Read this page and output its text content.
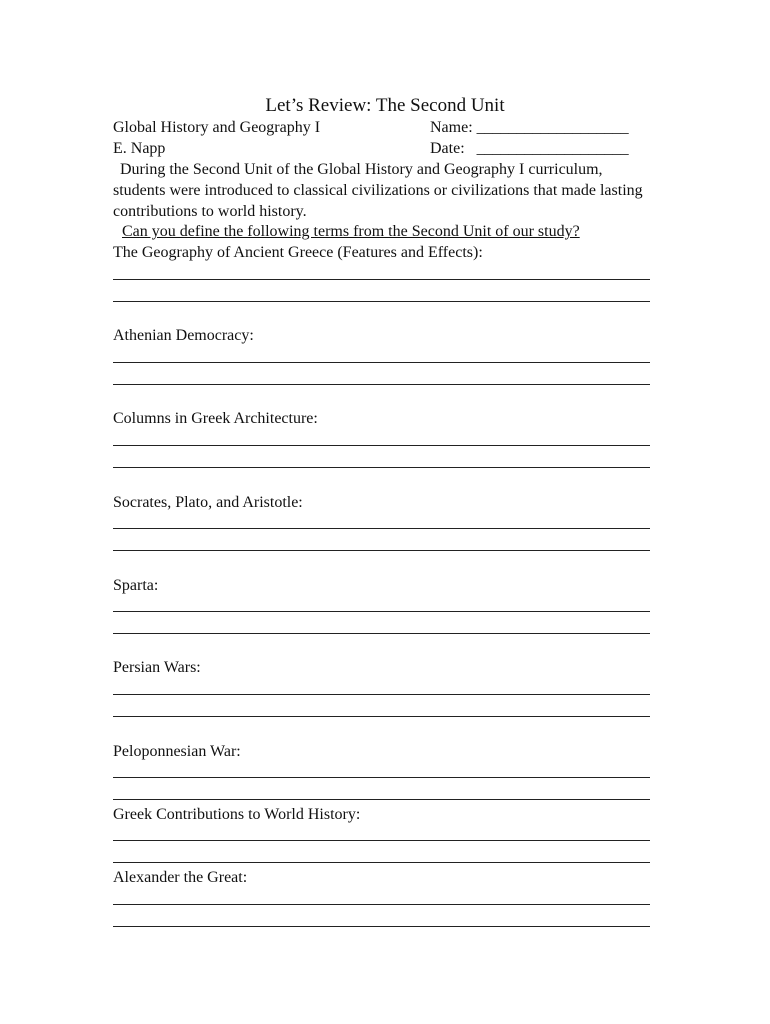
Let’s Review: The Second Unit
Global History and Geography I	Name: ___________________
E. Napp	Date:   ___________________
During the Second Unit of the Global History and Geography I curriculum, students were introduced to classical civilizations or civilizations that made lasting contributions to world history.
Can you define the following terms from the Second Unit of our study?
The Geography of Ancient Greece (Features and Effects):
Athenian Democracy:
Columns in Greek Architecture:
Socrates, Plato, and Aristotle:
Sparta:
Persian Wars:
Peloponnesian War:
Greek Contributions to World History:
Alexander the Great:
